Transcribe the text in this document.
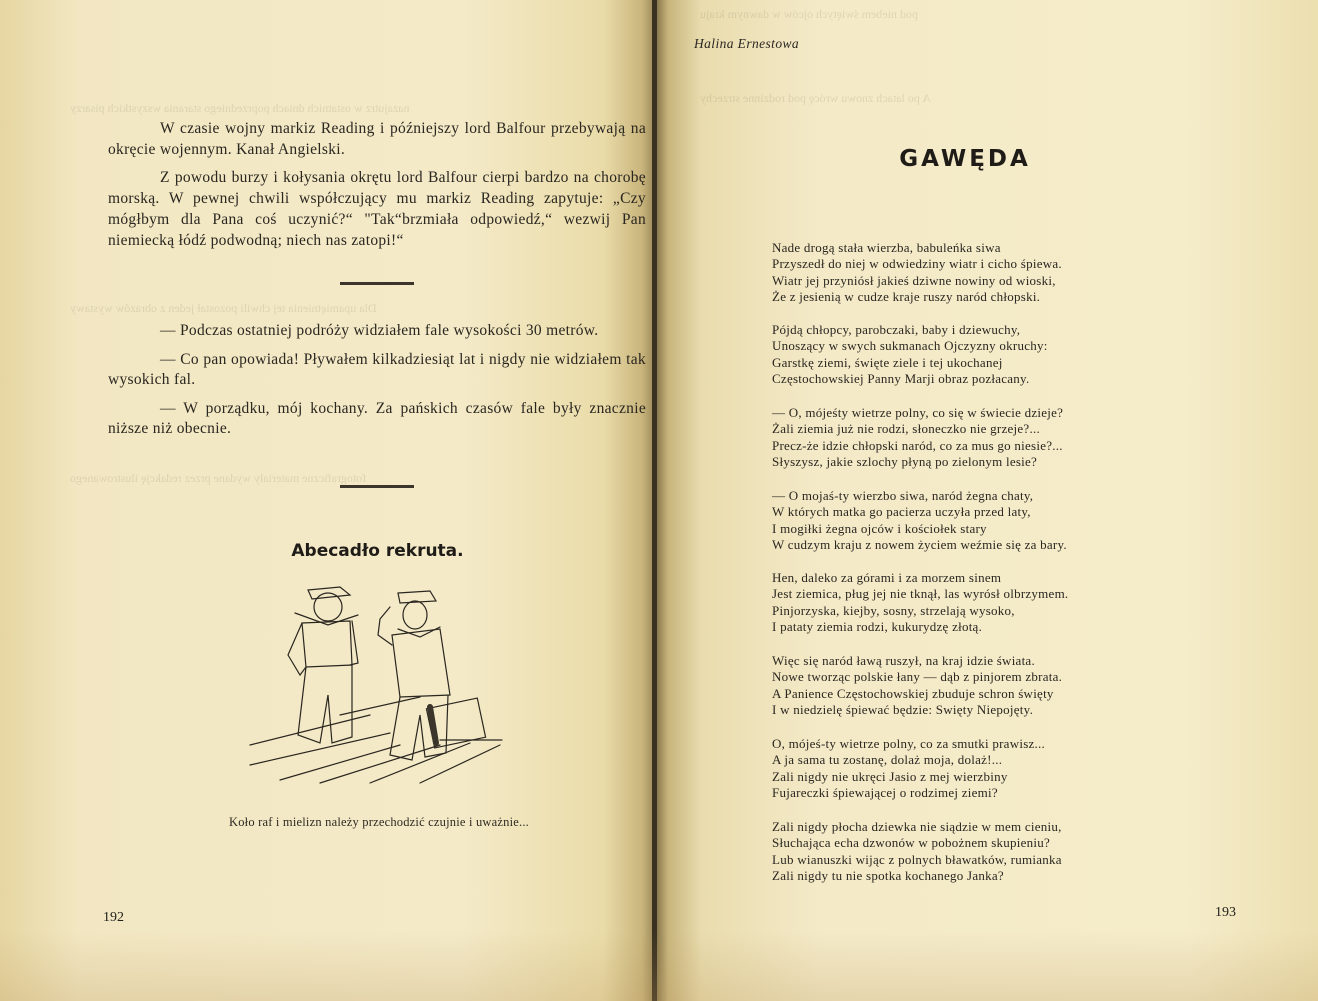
nazajutrz w ostatnich dniach poprzedniego starania wszystkich pisarzy
Dla upamiętnienia tej chwili pozostał jeden z obrazów wystawy
fotograficzne materiały wydane przez redakcję ilustrowanego
W czasie wojny markiz Reading i późniejszy lord Balfour przebywają na okręcie wojennym. Kanał Angielski.
Z powodu burzy i kołysania okrętu lord Balfour cierpi bardzo na chorobę morską. W pewnej chwili współczujący mu markiz Reading zapytuje: „Czy mógłbym dla Pana coś uczynić?“ "Tak“brzmiała odpowiedź,“ wezwij Pan niemiecką łódź podwodną; niech nas zatopi!“
— Podczas ostatniej podróży widziałem fale wysokości 30 metrów.
— Co pan opowiada! Pływałem kilkadziesiąt lat i nigdy nie widziałem tak wysokich fal.
— W porządku, mój kochany. Za pańskich czasów fale były znacznie niższe niż obecnie.
Abecadło rekruta.
Koło raf i mielizn należy przechodzić czujnie i uważnie...
192
pod niebem świętych ojców w dawnym kraju
A po latach znowu wrócę pod rodzinne strzechy
Halina Ernestowa
GAWĘDA
Nade drogą stała wierzba, babuleńka siwa
Przyszedł do niej w odwiedziny wiatr i cicho śpiewa.
Wiatr jej przyniósł jakieś dziwne nowiny od wioski,
Że z jesienią w cudze kraje ruszy naród chłopski.
Pójdą chłopcy, parobczaki, baby i dziewuchy,
Unoszący w swych sukmanach Ojczyzny okruchy:
Garstkę ziemi, święte ziele i tej ukochanej
Częstochowskiej Panny Marji obraz pozłacany.
— O, mójeśty wietrze polny, co się w świecie dzieje?
Żali ziemia już nie rodzi, słoneczko nie grzeje?...
Precz-że idzie chłopski naród, co za mus go niesie?...
Słyszysz, jakie szlochy płyną po zielonym lesie?
— O mojaś-ty wierzbo siwa, naród żegna chaty,
W których matka go pacierza uczyła przed laty,
I mogiłki żegna ojców i kościołek stary
W cudzym kraju z nowem życiem weźmie się za bary.
Hen, daleko za górami i za morzem sinem
Jest ziemica, pług jej nie tknął, las wyrósł olbrzymem.
Pinjorzyska, kiejby, sosny, strzelają wysoko,
I pataty ziemia rodzi, kukurydzę złotą.
Więc się naród ławą ruszył, na kraj idzie świata.
Nowe tworząc polskie łany — dąb z pinjorem zbrata.
A Panience Częstochowskiej zbuduje schron święty
I w niedzielę śpiewać będzie: Swięty Niepojęty.
O, mójeś-ty wietrze polny, co za smutki prawisz...
A ja sama tu zostanę, dolaż moja, dolaż!...
Zali nigdy nie ukręci Jasio z mej wierzbiny
Fujareczki śpiewającej o rodzimej ziemi?
Zali nigdy płocha dziewka nie siądzie w mem cieniu,
Słuchająca echa dzwonów w pobożnem skupieniu?
Lub wianuszki wijąc z polnych bławatków, rumianka
Zali nigdy tu nie spotka kochanego Janka?
193
